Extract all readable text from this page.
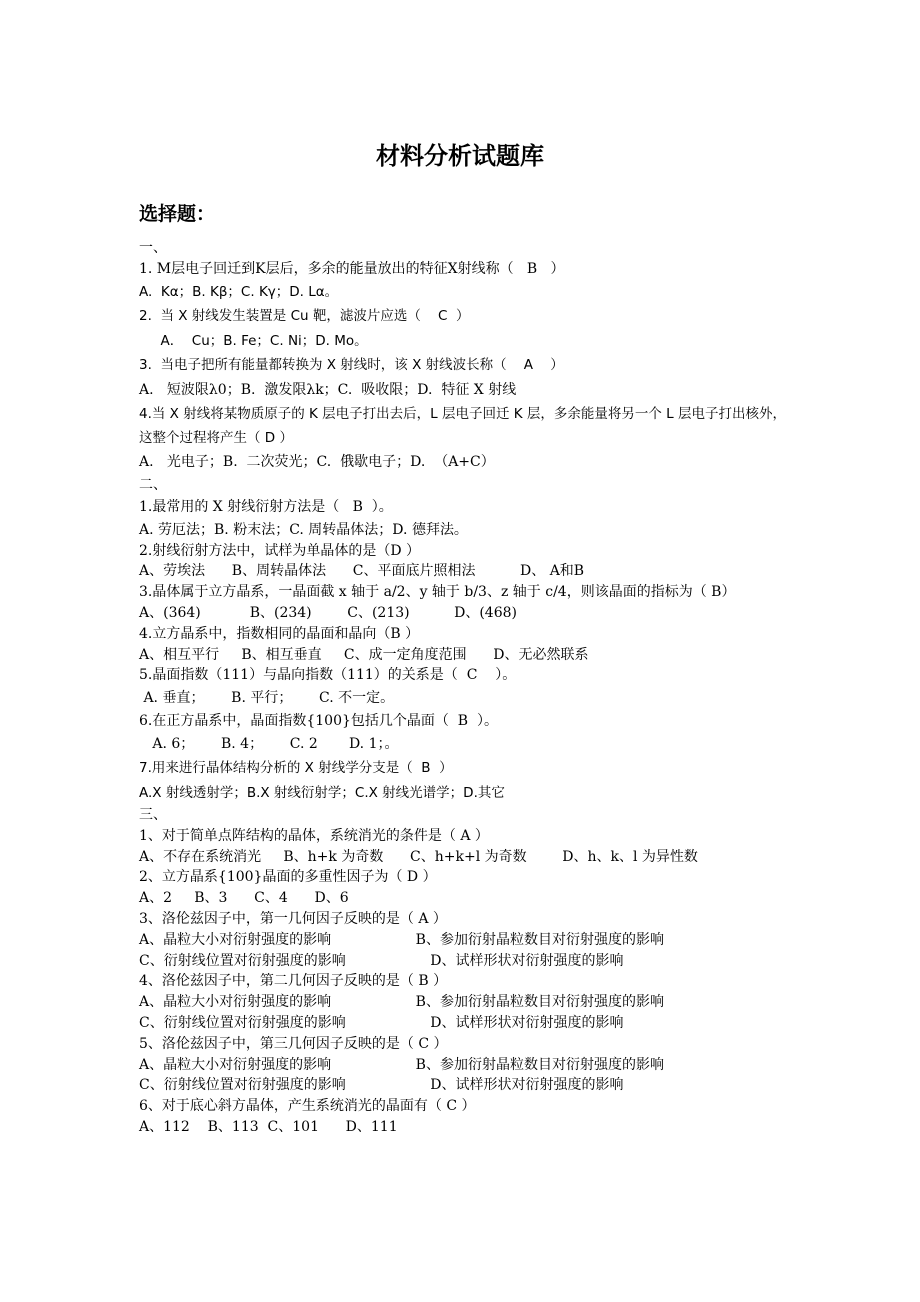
材料分析试题库
选择题：
一、
1. M层电子回迁到K层后，多余的能量放出的特征X射线称（   B   ）
A.  Kα；B. Kβ；C. Kγ；D. Lα。
2.  当 X 射线发生装置是 Cu 靶，滤波片应选（    C  ）
A．  Cu；B. Fe；C. Ni；D. Mo。
3.  当电子把所有能量都转换为 X 射线时，该 X 射线波长称（    A    ）
A.   短波限λ0；B.  激发限λk；C.  吸收限；D.  特征 X 射线
4.当 X 射线将某物质原子的 K 层电子打出去后，L 层电子回迁 K 层，多余能量将另一个 L 层电子打出核外，这整个过程将产生（ D ）
A.   光电子；B.  二次荧光；C.  俄歇电子；D.  （A+C）
二、
1.最常用的 X 射线衍射方法是（   B  ）。
A. 劳厄法；B. 粉末法；C. 周转晶体法；D. 德拜法。
2.射线衍射方法中，试样为单晶体的是（D ）
A、劳埃法      B、周转晶体法      C、平面底片照相法          D、 A和B
3.晶体属于立方晶系，一晶面截 x 轴于 a/2、y 轴于 b/3、z 轴于 c/4，则该晶面的指标为（ B）
A、(364)           B、(234)        C、(213)          D、(468)
4.立方晶系中，指数相同的晶面和晶向（B ）
A、相互平行     B、相互垂直     C、成一定角度范围      D、无必然联系
5.晶面指数（111）与晶向指数（111）的关系是（  C    ）。
A. 垂直；      B. 平行；      C. 不一定。
6.在正方晶系中，晶面指数{100}包括几个晶面（  B  ）。
A. 6；      B. 4；      C. 2       D. 1；。
7.用来进行晶体结构分析的 X 射线学分支是（  B  ）
A.X 射线透射学；B.X 射线衍射学；C.X 射线光谱学；D.其它
三、
1、对于简单点阵结构的晶体，系统消光的条件是（ A ）
A、不存在系统消光     B、h+k 为奇数      C、h+k+l 为奇数        D、h、k、l 为异性数
2、立方晶系{100}晶面的多重性因子为（ D ）
A、2     B、3      C、4      D、6
3、洛伦兹因子中，第一几何因子反映的是（ A ）
A、晶粒大小对衍射强度的影响                   B、参加衍射晶粒数目对衍射强度的影响
C、衍射线位置对衍射强度的影响                   D、试样形状对衍射强度的影响
4、洛伦兹因子中，第二几何因子反映的是（ B ）
A、晶粒大小对衍射强度的影响                   B、参加衍射晶粒数目对衍射强度的影响
C、衍射线位置对衍射强度的影响                   D、试样形状对衍射强度的影响
5、洛伦兹因子中，第三几何因子反映的是（ C ）
A、晶粒大小对衍射强度的影响                   B、参加衍射晶粒数目对衍射强度的影响
C、衍射线位置对衍射强度的影响                   D、试样形状对衍射强度的影响
6、对于底心斜方晶体，产生系统消光的晶面有（ C ）
A、112    B、113  C、101      D、111
